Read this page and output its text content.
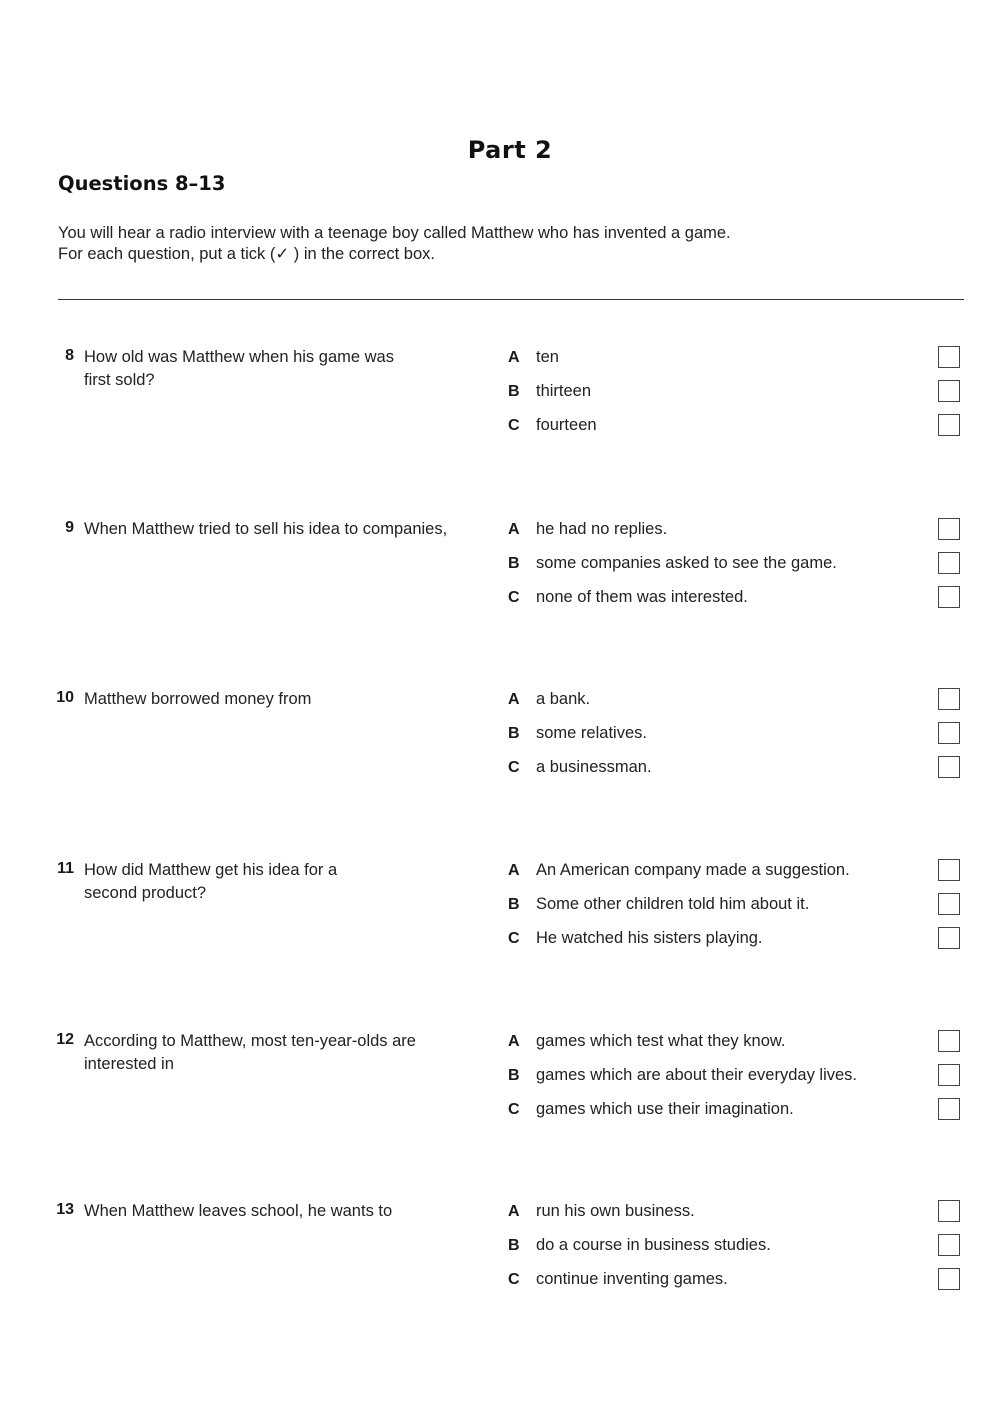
Part 2
Questions 8–13

You will hear a radio interview with a teenage boy called Matthew who has invented a game.

For each question, put a tick (✓ ) in the correct box.

8 How old was Matthew when his game was first sold?
A ten
B thirteen
C fourteen
9 When Matthew tried to sell his idea to companies,	A he had no replies.
B some companies asked to see the game.
C none of them was interested.
10 Matthew borrowed money from	A a bank.
B some relatives.
C a businessman.
11 How did Matthew get his idea for a second product?
A An American company made a suggestion.
B Some other children told him about it.
C He watched his sisters playing.
12 According to Matthew, most ten-year-olds are interested in
A games which test what they know.
B games which are about their everyday lives.
C games which use their imagination.
13 When Matthew leaves school, he wants to	A run his own business.
B do a course in business studies.
C continue inventing games.
